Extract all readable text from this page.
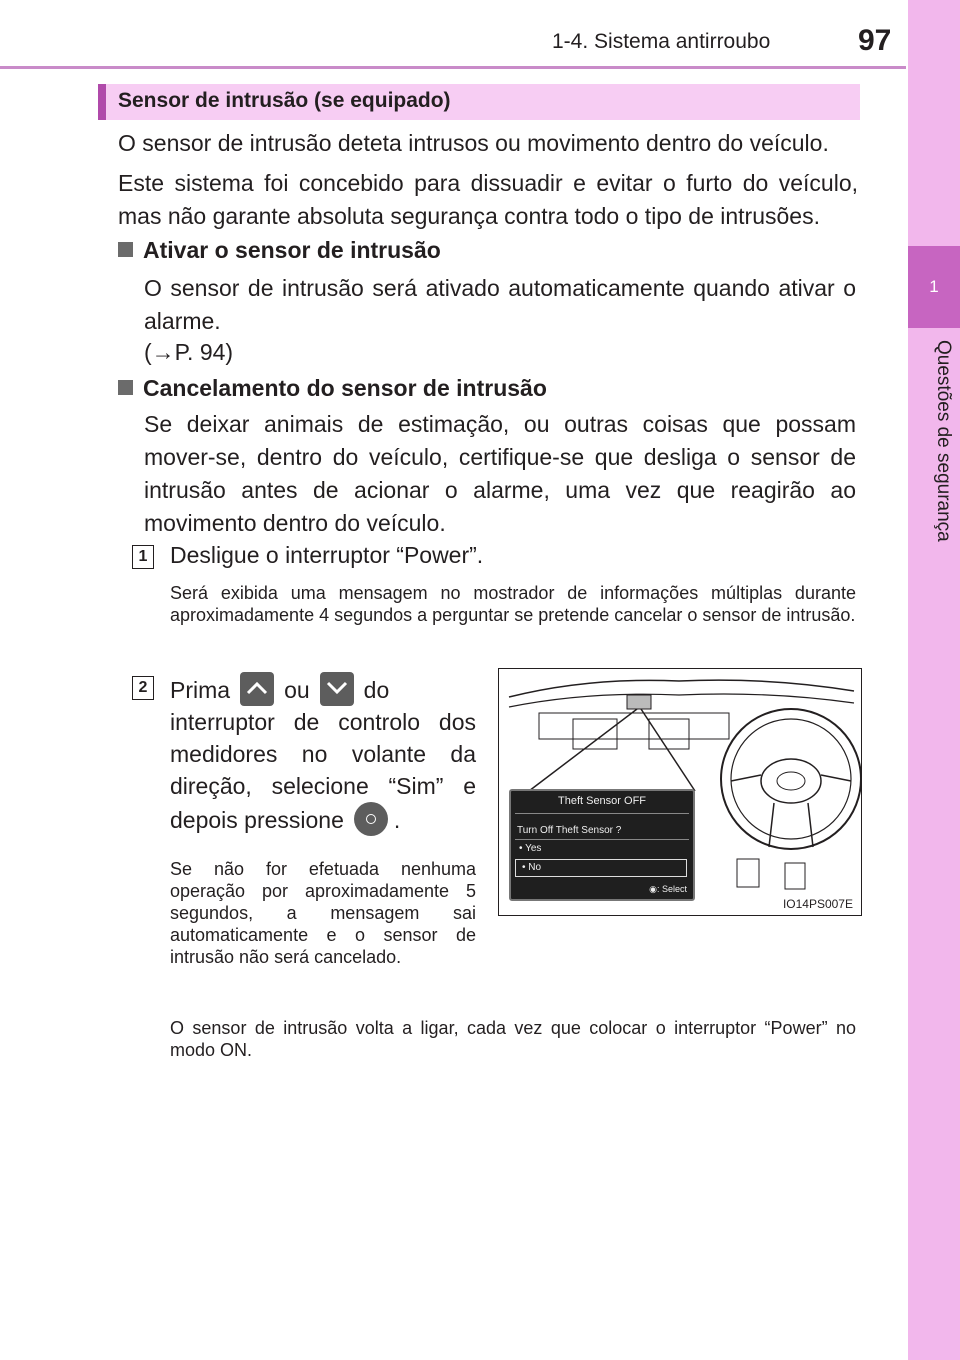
1-4. Sistema antirroubo	97
1
Questões de segurança
Sensor de intrusão (se equipado)
O sensor de intrusão deteta intrusos ou movimento dentro do veículo.
Este sistema foi concebido para dissuadir e evitar o furto do veículo, mas não garante absoluta segurança contra todo o tipo de intrusões.
Ativar o sensor de intrusão
O sensor de intrusão será ativado automaticamente quando ativar o alarme.
(→P. 94)
Cancelamento do sensor de intrusão
Se deixar animais de estimação, ou outras coisas que possam mover-se, dentro do veículo, certifique-se que desliga o sensor de intrusão antes de acionar o alarme, uma vez que reagirão ao movimento dentro do veículo.
1 Desligue o interruptor “Power”.
Será exibida uma mensagem no mostrador de informações múltiplas durante aproximadamente 4 segundos a perguntar se pretende cancelar o sensor de intrusão.
2 Prima ou do interruptor de controlo dos medidores no volante da direção, selecione “Sim” e depois pressione .
Se não for efetuada nenhuma operação por aproximadamente 5 segundos, a mensagem sai automaticamente e o sensor de intrusão não será cancelado.
O sensor de intrusão volta a ligar, cada vez que colocar o interruptor “Power” no modo ON.
Theft Sensor OFF
Turn Off Theft Sensor ?
• Yes
• No
◉: Select
IO14PS007E
